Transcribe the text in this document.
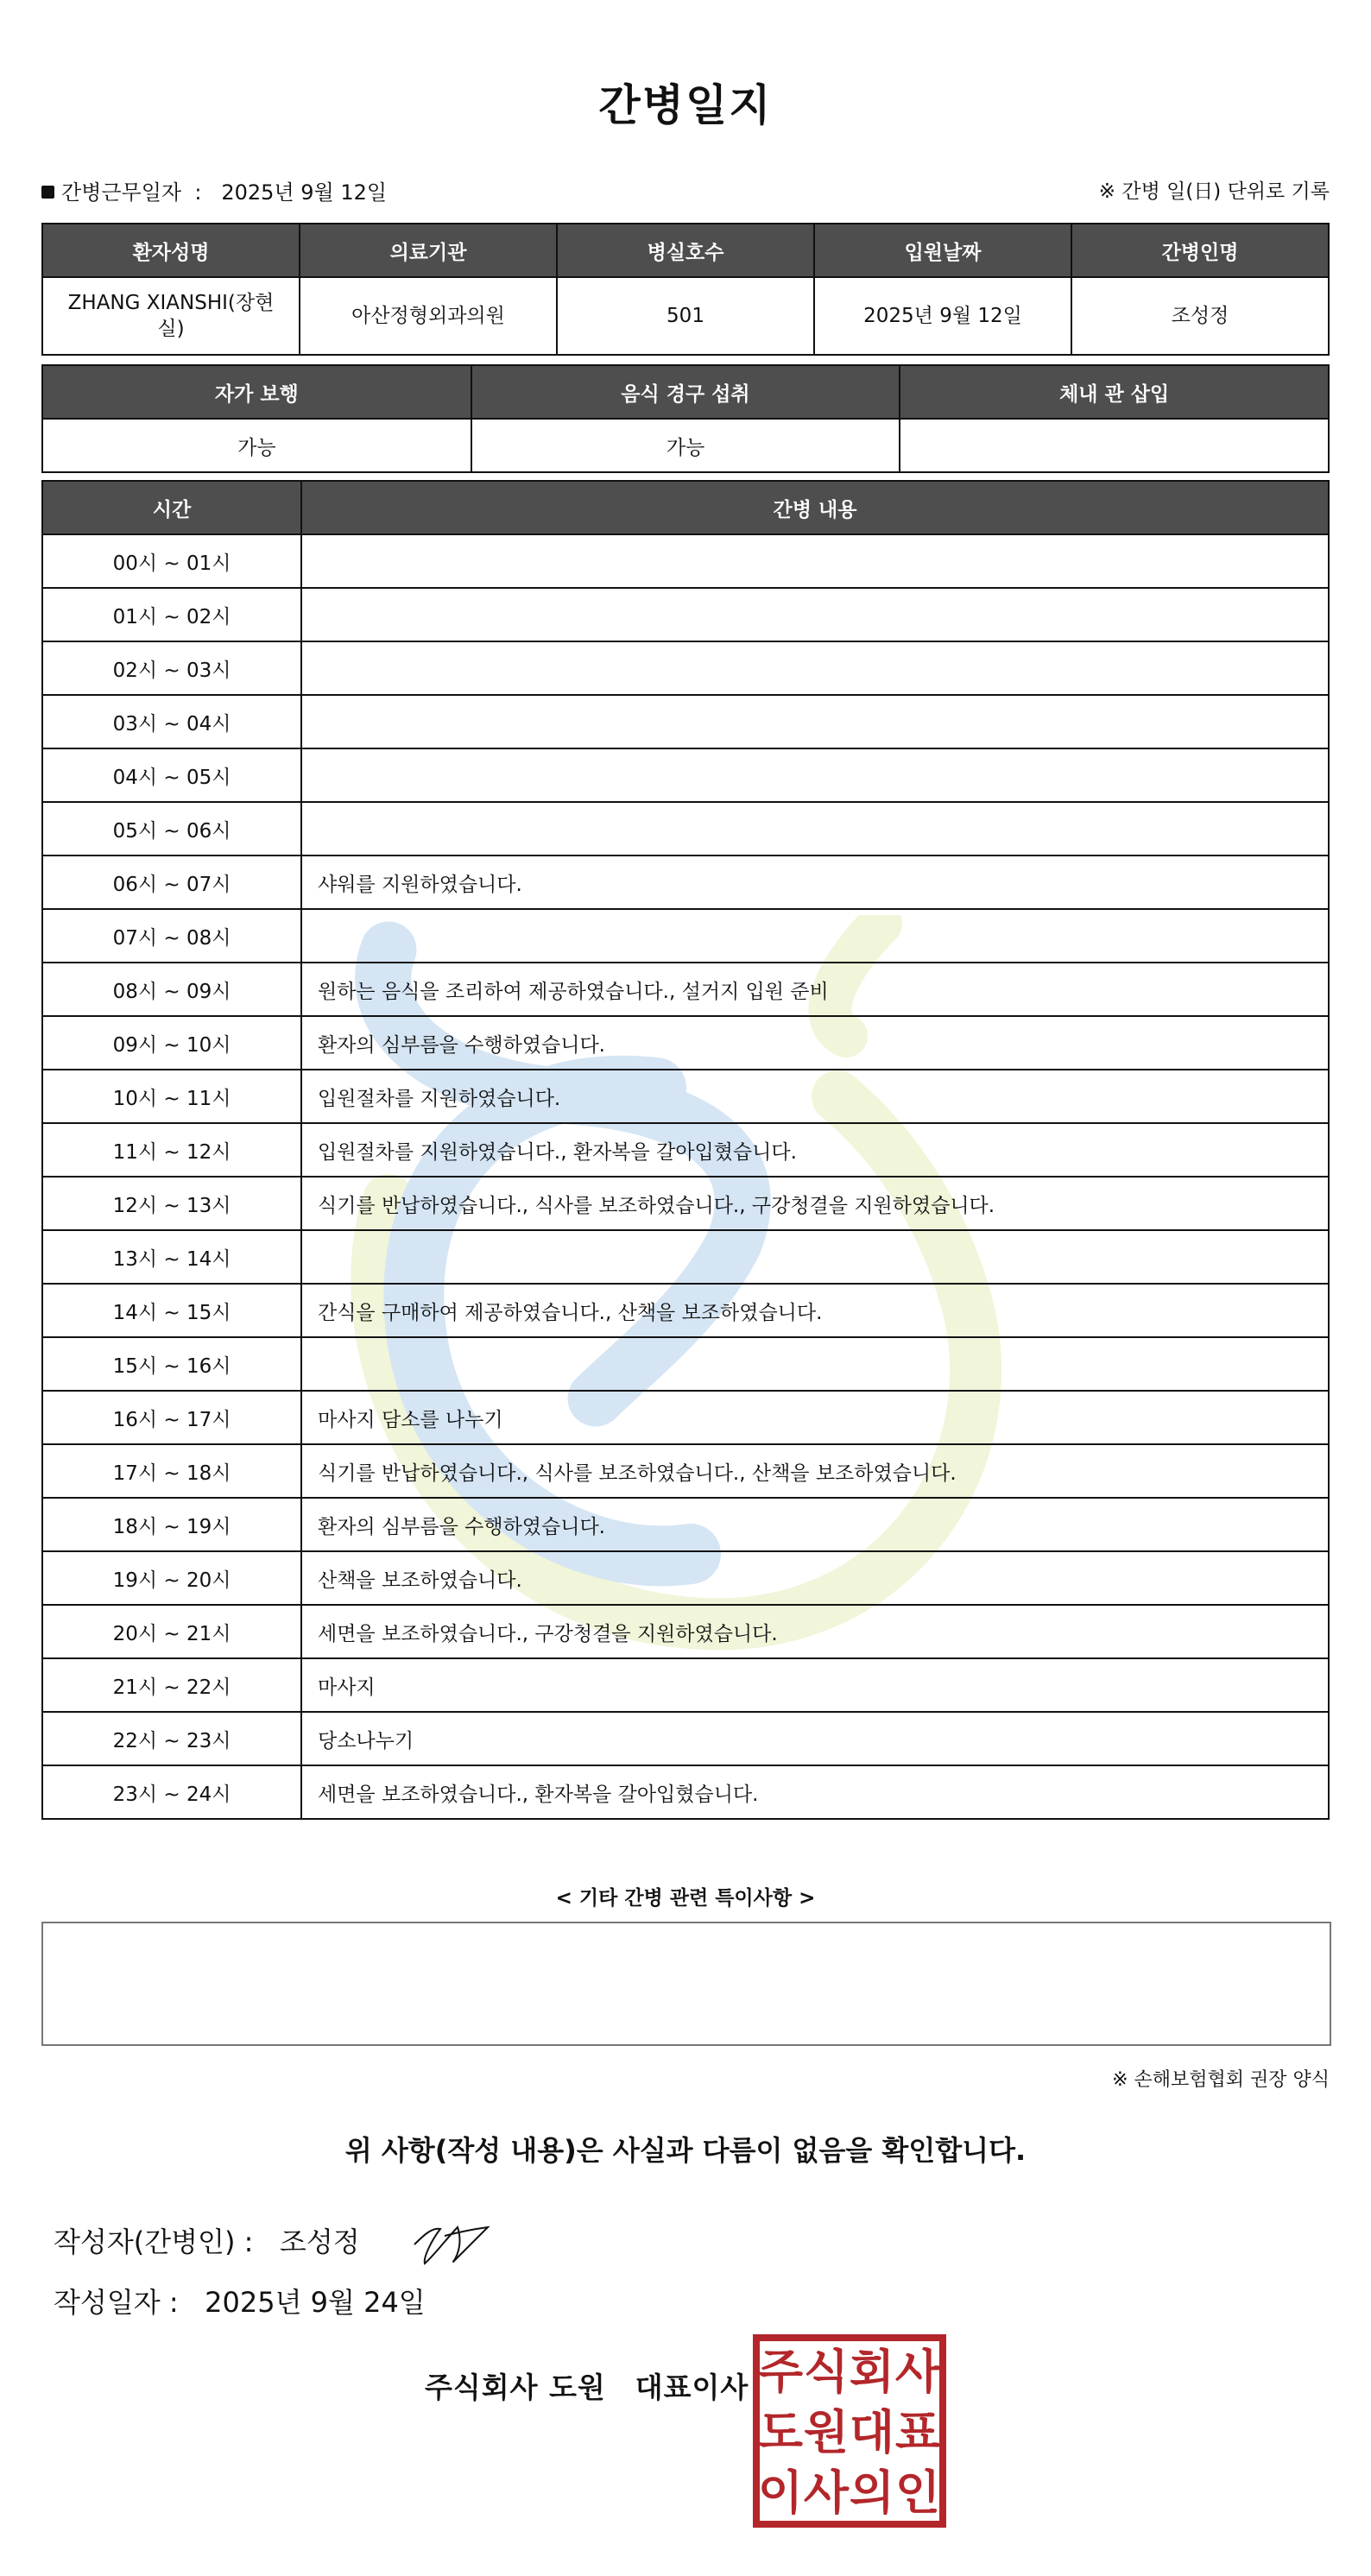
간병일지
간병근무일자 : 2025년 9월 12일	※ 간병 일(日) 단위로 기록
환자성명	의료기관	병실호수	입원날짜	간병인명
ZHANG XIANSHI(장현실)	아산정형외과의원	501	2025년 9월 12일	조성정
자가 보행	음식 경구 섭취	체내 관 삽입
가능	가능	
시간	간병 내용
00시 ~ 01시	
01시 ~ 02시	
02시 ~ 03시	
03시 ~ 04시	
04시 ~ 05시	
05시 ~ 06시	
06시 ~ 07시	샤워를 지원하였습니다.
07시 ~ 08시	
08시 ~ 09시	원하는 음식을 조리하여 제공하였습니다., 설거지 입원 준비
09시 ~ 10시	환자의 심부름을 수행하였습니다.
10시 ~ 11시	입원절차를 지원하였습니다.
11시 ~ 12시	입원절차를 지원하였습니다., 환자복을 갈아입혔습니다.
12시 ~ 13시	식기를 반납하였습니다., 식사를 보조하였습니다., 구강청결을 지원하였습니다.
13시 ~ 14시	
14시 ~ 15시	간식을 구매하여 제공하였습니다., 산책을 보조하였습니다.
15시 ~ 16시	
16시 ~ 17시	마사지 담소를 나누기
17시 ~ 18시	식기를 반납하였습니다., 식사를 보조하였습니다., 산책을 보조하였습니다.
18시 ~ 19시	환자의 심부름을 수행하였습니다.
19시 ~ 20시	산책을 보조하였습니다.
20시 ~ 21시	세면을 보조하였습니다., 구강청결을 지원하였습니다.
21시 ~ 22시	마사지
22시 ~ 23시	당소나누기
23시 ~ 24시	세면을 보조하였습니다., 환자복을 갈아입혔습니다.
< 기타 간병 관련 특이사항 >
※ 손해보험협회 권장 양식
위 사항(작성 내용)은 사실과 다름이 없음을 확인합니다.
작성자(간병인) : 조성정
작성일자 : 2025년 9월 24일
주식회사 도원　대표이사 주 식 회 사
도 원 대 표
이 사 의 인
